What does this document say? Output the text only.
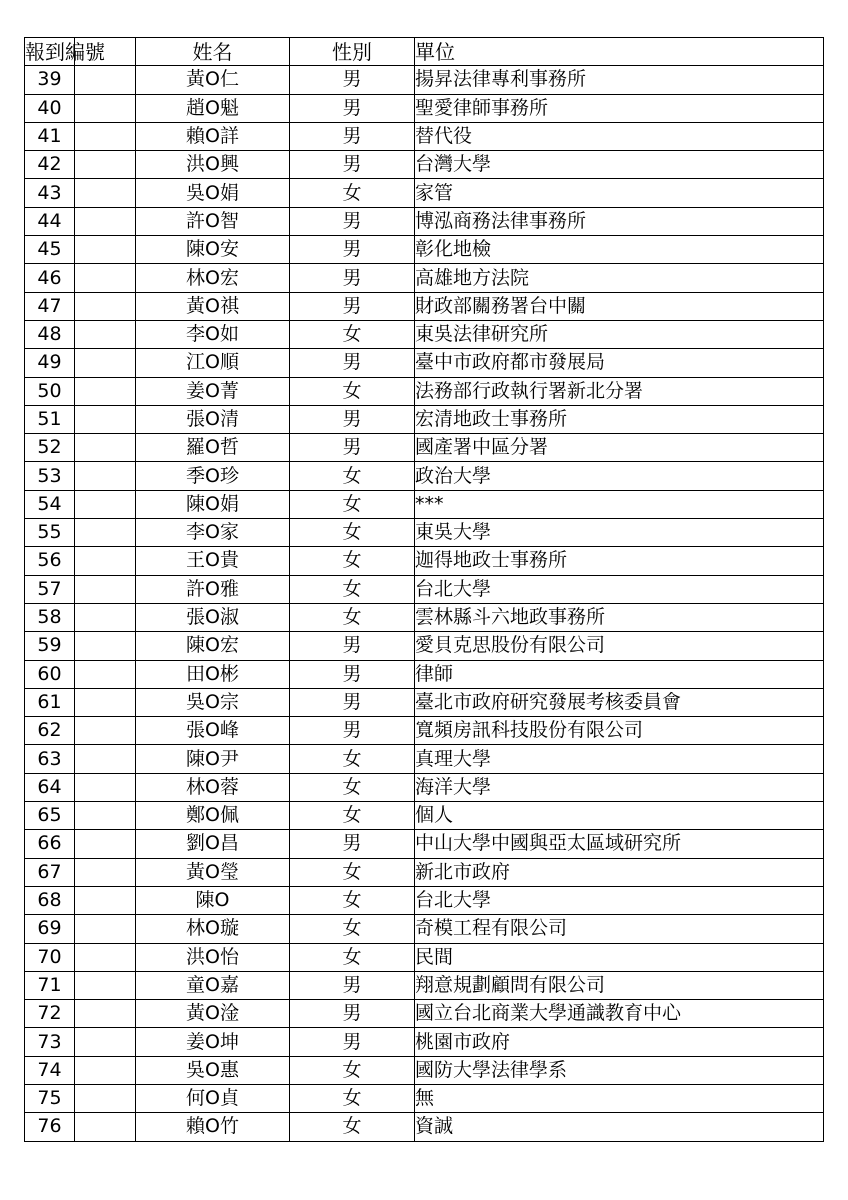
報到編號		姓名	性別	單位
39		黃O仁	男	揚昇法律專利事務所
40		趙O魁	男	聖愛律師事務所
41		賴O詳	男	替代役
42		洪O興	男	台灣大學
43		吳O娟	女	家管
44		許O智	男	博泓商務法律事務所
45		陳O安	男	彰化地檢
46		林O宏	男	高雄地方法院
47		黃O祺	男	財政部關務署台中關
48		李O如	女	東吳法律研究所
49		江O順	男	臺中市政府都市發展局
50		姜O菁	女	法務部行政執行署新北分署
51		張O清	男	宏清地政士事務所
52		羅O哲	男	國產署中區分署
53		季O珍	女	政治大學
54		陳O娟	女	***
55		李O家	女	東吳大學
56		王O貴	女	迦得地政士事務所
57		許O雅	女	台北大學
58		張O淑	女	雲林縣斗六地政事務所
59		陳O宏	男	愛貝克思股份有限公司
60		田O彬	男	律師
61		吳O宗	男	臺北市政府研究發展考核委員會
62		張O峰	男	寬頻房訊科技股份有限公司
63		陳O尹	女	真理大學
64		林O蓉	女	海洋大學
65		鄭O佩	女	個人
66		劉O昌	男	中山大學中國與亞太區域研究所
67		黃O瑩	女	新北市政府
68		陳O	女	台北大學
69		林O璇	女	奇模工程有限公司
70		洪O怡	女	民間
71		童O嘉	男	翔意規劃顧問有限公司
72		黃O淦	男	國立台北商業大學通識教育中心
73		姜O坤	男	桃園市政府
74		吳O惠	女	國防大學法律學系
75		何O貞	女	無
76		賴O竹	女	資誠
